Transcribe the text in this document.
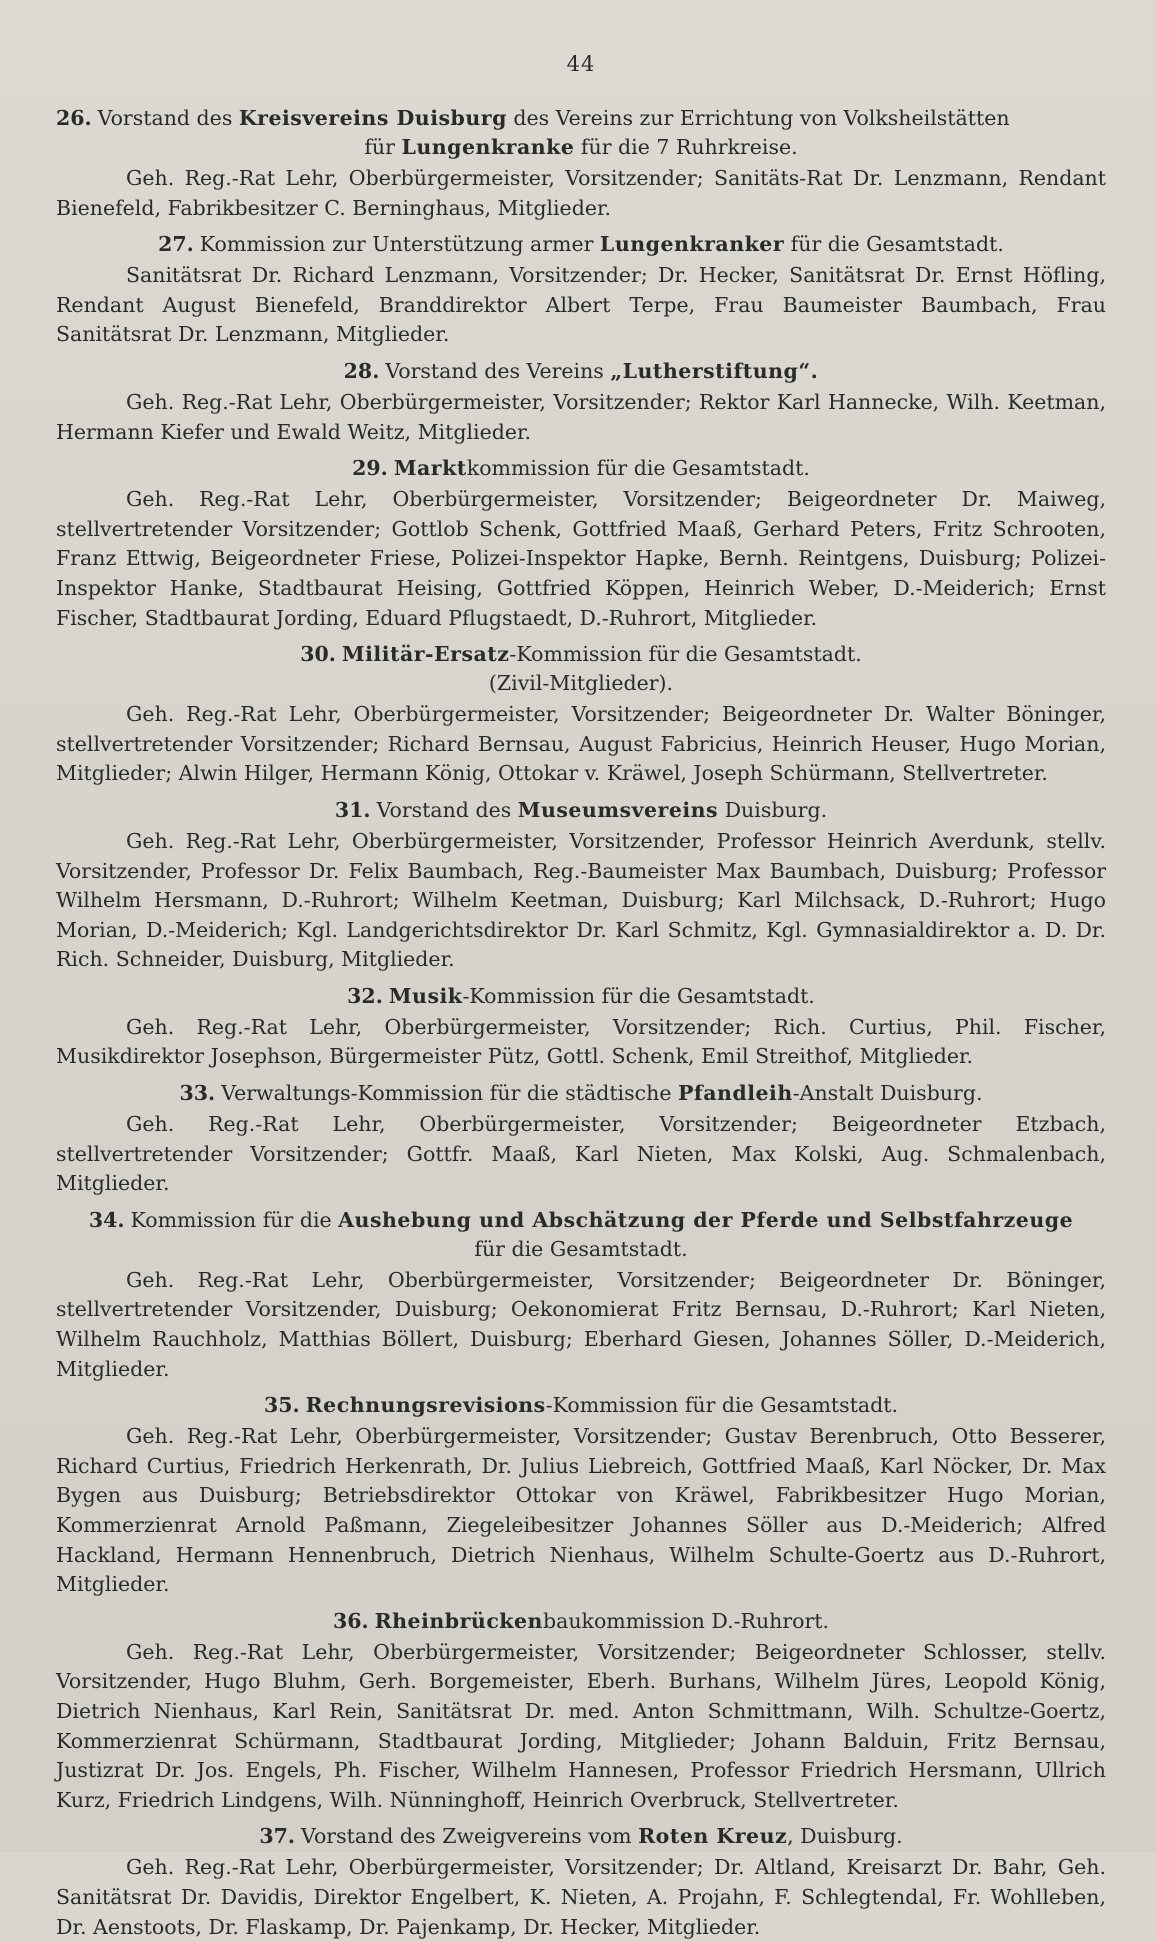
44

26. Vorstand des Kreisvereins Duisburg des Vereins zur Errichtung von Volksheilstätten

für Lungenkranke für die 7 Ruhrkreise.

Geh. Reg.-Rat Lehr, Oberbürgermeister, Vorsitzender; Sanitäts-Rat Dr. Lenzmann, Rendant Bienefeld, Fabrikbesitzer C. Berninghaus, Mitglieder.

27. Kommission zur Unterstützung armer Lungenkranker für die Gesamtstadt.

Sanitätsrat Dr. Richard Lenzmann, Vorsitzender; Dr. Hecker, Sanitätsrat Dr. Ernst Höfling, Rendant August Bienefeld, Branddirektor Albert Terpe, Frau Baumeister Baumbach, Frau Sanitätsrat Dr. Lenzmann, Mitglieder.

28. Vorstand des Vereins „Lutherstiftung“.

Geh. Reg.-Rat Lehr, Oberbürgermeister, Vorsitzender; Rektor Karl Hannecke, Wilh. Keetman, Hermann Kiefer und Ewald Weitz, Mitglieder.

29. Marktkommission für die Gesamtstadt.

Geh. Reg.-Rat Lehr, Oberbürgermeister, Vorsitzender; Beigeordneter Dr. Maiweg, stellvertretender Vorsitzender; Gottlob Schenk, Gottfried Maaß, Gerhard Peters, Fritz Schrooten, Franz Ettwig, Beigeordneter Friese, Polizei-Inspektor Hapke, Bernh. Reintgens, Duisburg; Polizei-Inspektor Hanke, Stadtbaurat Heising, Gottfried Köppen, Heinrich Weber, D.-Meiderich; Ernst Fischer, Stadtbaurat Jording, Eduard Pflugstaedt, D.-Ruhrort, Mitglieder.

30. Militär-Ersatz-Kommission für die Gesamtstadt.

(Zivil-Mitglieder).

Geh. Reg.-Rat Lehr, Oberbürgermeister, Vorsitzender; Beigeordneter Dr. Walter Böninger, stellvertretender Vorsitzender; Richard Bernsau, August Fabricius, Heinrich Heuser, Hugo Morian, Mitglieder; Alwin Hilger, Hermann König, Ottokar v. Kräwel, Joseph Schürmann, Stellvertreter.

31. Vorstand des Museumsvereins Duisburg.

Geh. Reg.-Rat Lehr, Oberbürgermeister, Vorsitzender, Professor Heinrich Averdunk, stellv. Vorsitzender, Professor Dr. Felix Baumbach, Reg.-Baumeister Max Baumbach, Duisburg; Professor Wilhelm Hersmann, D.-Ruhrort; Wilhelm Keetman, Duisburg; Karl Milchsack, D.-Ruhrort; Hugo Morian, D.-Meiderich; Kgl. Landgerichtsdirektor Dr. Karl Schmitz, Kgl. Gymnasialdirektor a. D. Dr. Rich. Schneider, Duisburg, Mitglieder.

32. Musik-Kommission für die Gesamtstadt.

Geh. Reg.-Rat Lehr, Oberbürgermeister, Vorsitzender; Rich. Curtius, Phil. Fischer, Musikdirektor Josephson, Bürgermeister Pütz, Gottl. Schenk, Emil Streithof, Mitglieder.

33. Verwaltungs-Kommission für die städtische Pfandleih-Anstalt Duisburg.

Geh. Reg.-Rat Lehr, Oberbürgermeister, Vorsitzender; Beigeordneter Etzbach, stellvertretender Vorsitzender; Gottfr. Maaß, Karl Nieten, Max Kolski, Aug. Schmalenbach, Mitglieder.

34. Kommission für die Aushebung und Abschätzung der Pferde und Selbstfahrzeuge

für die Gesamtstadt.

Geh. Reg.-Rat Lehr, Oberbürgermeister, Vorsitzender; Beigeordneter Dr. Böninger, stellvertretender Vorsitzender, Duisburg; Oekonomierat Fritz Bernsau, D.-Ruhrort; Karl Nieten, Wilhelm Rauchholz, Matthias Böllert, Duisburg; Eberhard Giesen, Johannes Söller, D.-Meiderich, Mitglieder.

35. Rechnungsrevisions-Kommission für die Gesamtstadt.

Geh. Reg.-Rat Lehr, Oberbürgermeister, Vorsitzender; Gustav Berenbruch, Otto Besserer, Richard Curtius, Friedrich Herkenrath, Dr. Julius Liebreich, Gottfried Maaß, Karl Nöcker, Dr. Max Bygen aus Duisburg; Betriebsdirektor Ottokar von Kräwel, Fabrikbesitzer Hugo Morian, Kommerzienrat Arnold Paßmann, Ziegeleibesitzer Johannes Söller aus D.-Meiderich; Alfred Hackland, Hermann Hennenbruch, Dietrich Nienhaus, Wilhelm Schulte-Goertz aus D.-Ruhrort, Mitglieder.

36. Rheinbrückenbaukommission D.-Ruhrort.

Geh. Reg.-Rat Lehr, Oberbürgermeister, Vorsitzender; Beigeordneter Schlosser, stellv. Vorsitzender, Hugo Bluhm, Gerh. Borgemeister, Eberh. Burhans, Wilhelm Jüres, Leopold König, Dietrich Nienhaus, Karl Rein, Sanitätsrat Dr. med. Anton Schmittmann, Wilh. Schultze-Goertz, Kommerzienrat Schürmann, Stadtbaurat Jording, Mitglieder; Johann Balduin, Fritz Bernsau, Justizrat Dr. Jos. Engels, Ph. Fischer, Wilhelm Hannesen, Professor Friedrich Hersmann, Ullrich Kurz, Friedrich Lindgens, Wilh. Nünninghoff, Heinrich Overbruck, Stellvertreter.

37. Vorstand des Zweigvereins vom Roten Kreuz, Duisburg.

Geh. Reg.-Rat Lehr, Oberbürgermeister, Vorsitzender; Dr. Altland, Kreisarzt Dr. Bahr, Geh. Sanitätsrat Dr. Davidis, Direktor Engelbert, K. Nieten, A. Projahn, F. Schlegtendal, Fr. Wohlleben, Dr. Aenstoots, Dr. Flaskamp, Dr. Pajenkamp, Dr. Hecker, Mitglieder.
